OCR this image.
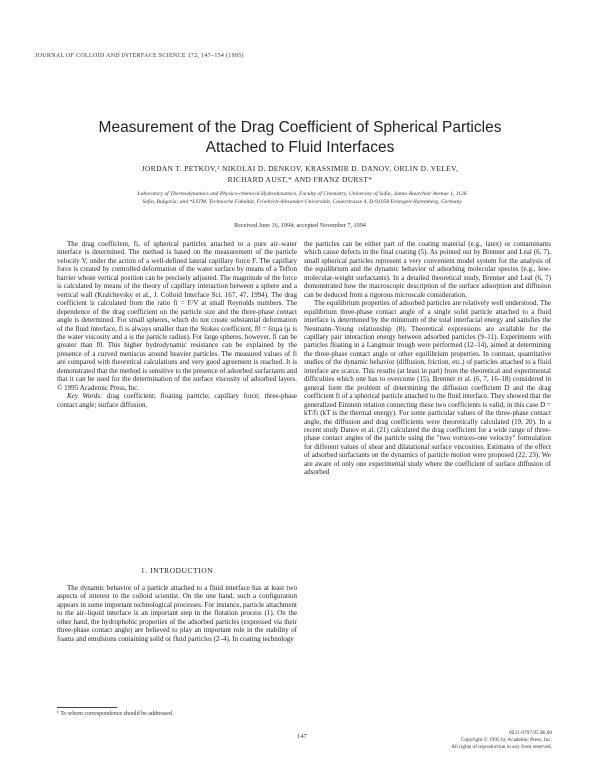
JOURNAL OF COLLOID AND INTERFACE SCIENCE 172, 147–154 (1995)
Measurement of the Drag Coefficient of Spherical Particles
Attached to Fluid Interfaces
JORDAN T. PETKOV,¹ NIKOLAI D. DENKOV, KRASSIMIR D. DANOV, ORLIN D. VELEV,
RICHARD AUST,* AND FRANZ DURST*
Laboratory of Thermodynamics and Physico-chemical Hydrodynamics, Faculty of Chemistry, University of Sofia, James Bourchier Avenue 1, 1126
Sofia, Bulgaria; and *LSTM, Technische Fakultät, Friedrich-Alexander-Universität, Cauerstrasse 4, D-91058 Erlangen-Nuremberg, Germany
Received June 16, 1994; accepted November 7, 1994

The drag coefficient, fi, of spherical particles attached to a pure air–water interface is determined. The method is based on the measurement of the particle velocity V, under the action of a well-defined lateral capillary force F. The capillary force is created by controlled deformation of the water surface by means of a Teflon barrier whose vertical position can be precisely adjusted. The magnitude of the force is calculated by means of the theory of capillary interaction between a sphere and a vertical wall (Kralchevsky et al., J. Colloid Interface Sci. 167, 47, 1994). The drag coefficient is calculated from the ratio fi = F/V at small Reynolds numbers. The dependence of the drag coefficient on the particle size and the three-phase contact angle is determined. For small spheres, which do not create substantial deformation of the fluid interface, fi is always smaller than the Stokes coefficient, f0 = 6πμa (μ is the water viscosity and a is the particle radius). For large spheres, however, fi can be greater than f0. This higher hydrodynamic resistance can be explained by the presence of a curved meniscus around heavier particles. The measured values of fi are compared with theoretical calculations and very good agreement is reached. It is demonstrated that the method is sensitive to the presence of adsorbed surfactants and that it can be used for the determination of the surface viscosity of adsorbed layers. © 1995 Academic Press, Inc.

Key Words: drag coefficient; floating particle; capillary force; three-phase contact angle; surface diffusion.

1. INTRODUCTION

The dynamic behavior of a particle attached to a fluid interface has at least two aspects of interest to the colloid scientist. On the one hand, such a configuration appears in some important technological processes. For instance, particle attachment to the air–liquid interface is an important step in the flotation process (1). On the other hand, the hydrophobic properties of the adsorbed particles (expressed via their three-phase contact angle) are believed to play an important role in the stability of foams and emulsions containing solid or fluid particles (2–4). In coating technology

the particles can be either part of the coating material (e.g., latex) or contaminants which cause defects in the final coating (5). As pointed out by Brenner and Leal (6, 7), small spherical particles represent a very convenient model system for the analysis of the equilibrium and the dynamic behavior of adsorbing molecular species (e.g., low-molecular-weight surfactants). In a detailed theoretical study, Brenner and Leal (6, 7) demonstrated how the macroscopic description of the surface adsorption and diffusion can be deduced from a rigorous microscale consideration.

The equilibrium properties of adsorbed particles are relatively well understood. The equilibrium three-phase contact angle of a single solid particle attached to a fluid interface is determined by the minimum of the total interfacial energy and satisfies the Neumann–Young relationship (8). Theoretical expressions are available for the capillary pair interaction energy between adsorbed particles (9–11). Experiments with particles floating in a Langmuir trough were performed (12–14), aimed at determining the three-phase contact angle or other equilibrium properties. In contrast, quantitative studies of the dynamic behavior (diffusion, friction, etc.) of particles attached to a fluid interface are scarce. This results (at least in part) from the theoretical and experimental difficulties which one has to overcome (15). Brenner et al. (6, 7, 16–18) considered in general form the problem of determining the diffusion coefficient D and the drag coefficient fi of a spherical particle attached to the fluid interface. They showed that the generalized Einstein relation connecting these two coefficients is valid; in this case D = kT/fi (kT is the thermal energy). For some particular values of the three-phase contact angle, the diffusion and drag coefficients were theoretically calculated (19, 20). In a recent study Danov et al. (21) calculated the drag coefficient for a wide range of three-phase contact angles of the particle using the "two vortices-one velocity" formulation for different values of shear and dilatational surface viscosities. Estimates of the effect of adsorbed surfactants on the dynamics of particle motion were proposed (22, 23). We are aware of only one experimental study where the coefficient of surface diffusion of adsorbed

¹ To whom correspondence should be addressed.
147	0021-9797/95 $6.00
Copyright © 1995 by Academic Press, Inc.
All rights of reproduction in any form reserved.
